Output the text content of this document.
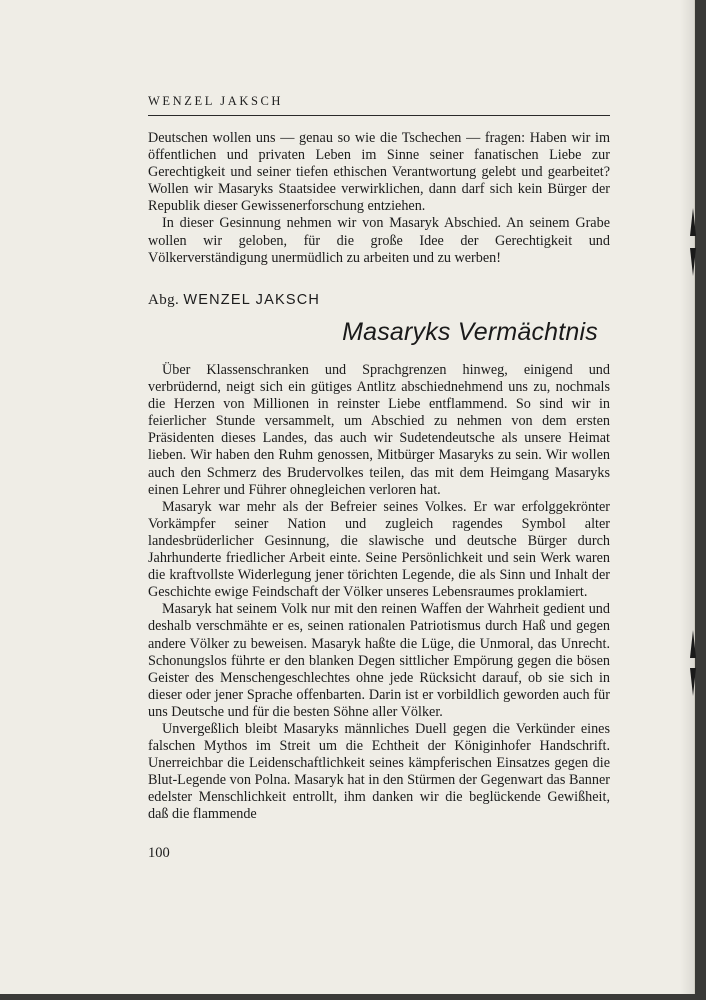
WENZEL JAKSCH

Deutschen wollen uns — genau so wie die Tschechen — fragen: Haben wir im öffentlichen und privaten Leben im Sinne seiner fanatischen Liebe zur Gerechtigkeit und seiner tiefen ethischen Verantwortung gelebt und gearbeitet? Wollen wir Masaryks Staatsidee verwirklichen, dann darf sich kein Bürger der Republik dieser Gewissenerforschung entziehen.

In dieser Gesinnung nehmen wir von Masaryk Abschied. An seinem Grabe wollen wir geloben, für die große Idee der Gerechtigkeit und Völkerverständigung unermüdlich zu arbeiten und zu werben!

Abg. WENZEL JAKSCH
Masaryks Vermächtnis

Über Klassenschranken und Sprachgrenzen hinweg, einigend und verbrüdernd, neigt sich ein gütiges Antlitz abschiednehmend uns zu, nochmals die Herzen von Millionen in reinster Liebe entflammend. So sind wir in feierlicher Stunde versammelt, um Abschied zu nehmen von dem ersten Präsidenten dieses Landes, das auch wir Sudetendeutsche als unsere Heimat lieben. Wir haben den Ruhm genossen, Mitbürger Masaryks zu sein. Wir wollen auch den Schmerz des Brudervolkes teilen, das mit dem Heimgang Masaryks einen Lehrer und Führer ohnegleichen verloren hat.

Masaryk war mehr als der Befreier seines Volkes. Er war erfolggekrönter Vorkämpfer seiner Nation und zugleich ragendes Symbol alter landesbrüderlicher Gesinnung, die slawische und deutsche Bürger durch Jahrhunderte friedlicher Arbeit einte. Seine Persönlichkeit und sein Werk waren die kraftvollste Widerlegung jener törichten Legende, die als Sinn und Inhalt der Geschichte ewige Feindschaft der Völker unseres Lebensraumes proklamiert.

Masaryk hat seinem Volk nur mit den reinen Waffen der Wahrheit gedient und deshalb verschmähte er es, seinen rationalen Patriotismus durch Haß und gegen andere Völker zu beweisen. Masaryk haßte die Lüge, die Unmoral, das Unrecht. Schonungslos führte er den blanken Degen sittlicher Empörung gegen die bösen Geister des Menschengeschlechtes ohne jede Rücksicht darauf, ob sie sich in dieser oder jener Sprache offenbarten. Darin ist er vorbildlich geworden auch für uns Deutsche und für die besten Söhne aller Völker.

Unvergeßlich bleibt Masaryks männliches Duell gegen die Verkünder eines falschen Mythos im Streit um die Echtheit der Königinhofer Handschrift. Unerreichbar die Leidenschaftlichkeit seines kämpferischen Einsatzes gegen die Blut-Legende von Polna. Masaryk hat in den Stürmen der Gegenwart das Banner edelster Menschlichkeit entrollt, ihm danken wir die beglückende Gewißheit, daß die flammende

100
